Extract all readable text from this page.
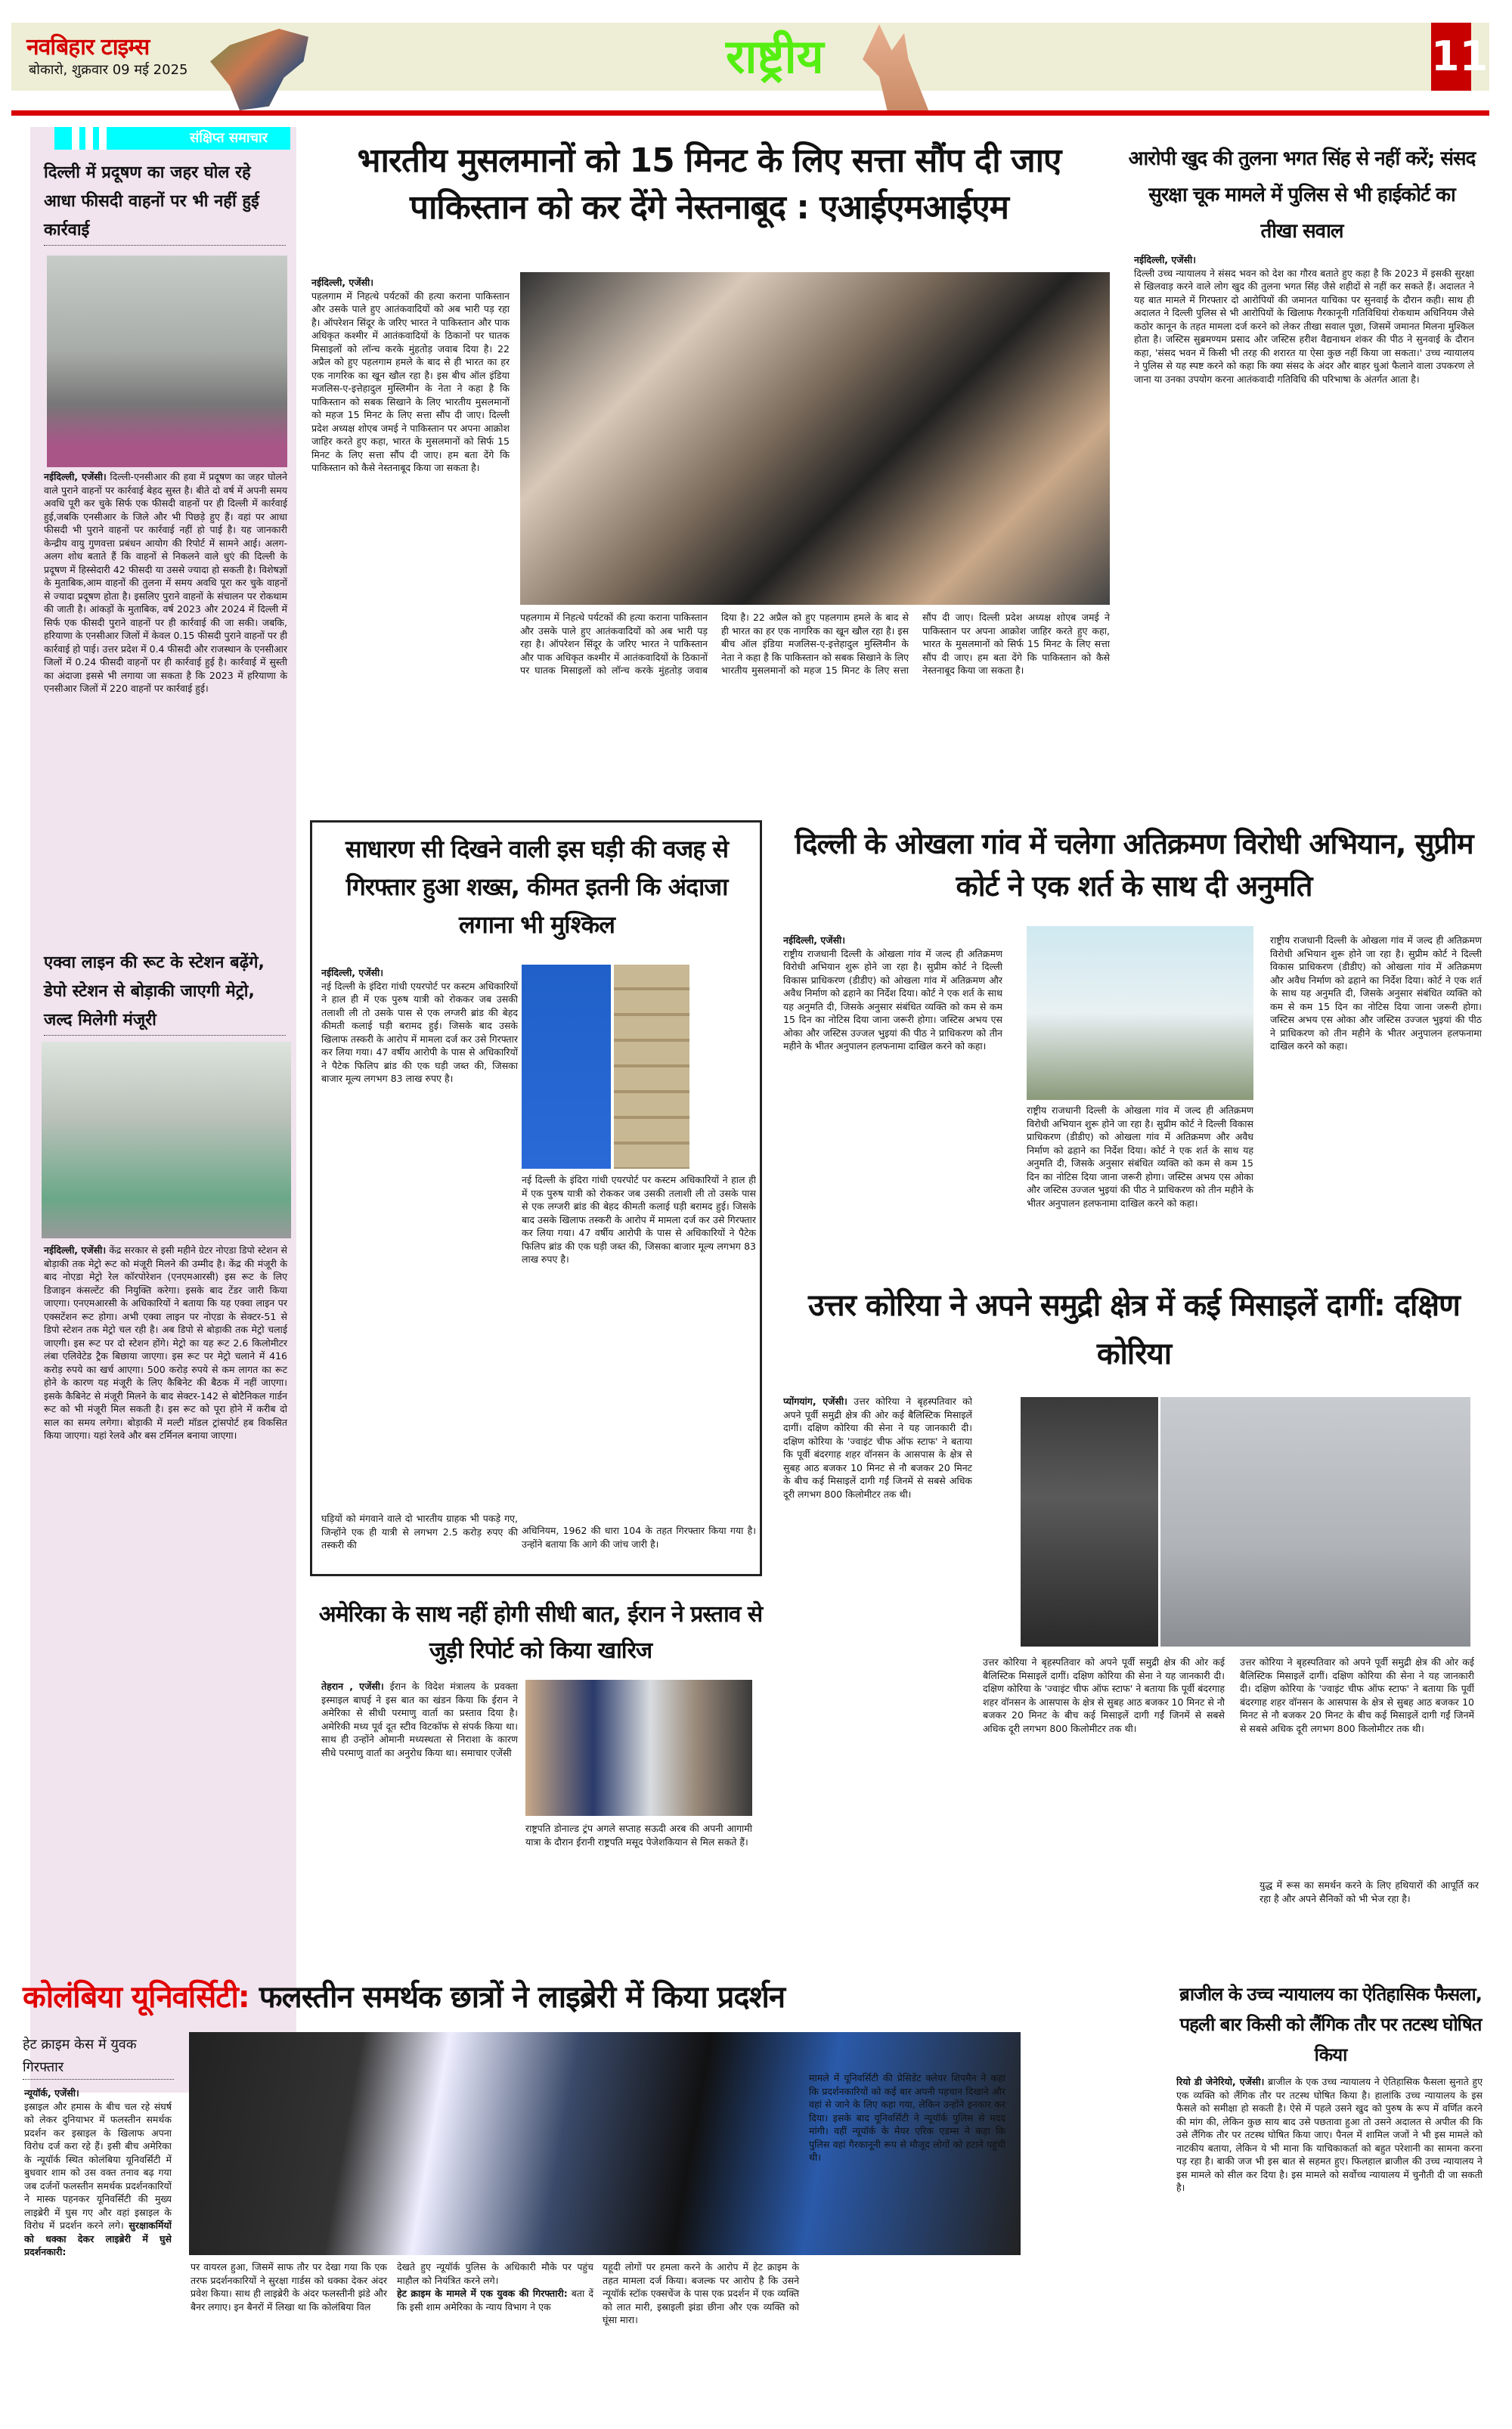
नवबिहार टाइम्स
बोकारो, शुक्रवार 09 मई 2025	राष्ट्रीय	11
संक्षिप्त समाचार
दिल्ली में प्रदूषण का जहर घोल रहे आधा फीसदी वाहनों पर भी नहीं हुई कार्रवाई
नईदिल्ली, एजेंसी। दिल्ली-एनसीआर की हवा में प्रदूषण का जहर घोलने वाले पुराने वाहनों पर कार्रवाई बेहद सुस्त है। बीते दो वर्ष में अपनी समय अवधि पूरी कर चुके सिर्फ एक फीसदी वाहनों पर ही दिल्ली में कार्रवाई हुई,जबकि एनसीआर के जिले और भी पिछड़े हुए हैं। वहां पर आधा फीसदी भी पुराने वाहनों पर कार्रवाई नहीं हो पाई है। यह जानकारी केन्द्रीय वायु गुणवत्ता प्रबंधन आयोग की रिपोर्ट में सामने आई। अलग-अलग शोध बताते हैं कि वाहनों से निकलने वाले धुएं की दिल्ली के प्रदूषण में हिस्सेदारी 42 फीसदी या उससे ज्यादा हो सकती है। विशेषज्ञों के मुताबिक,आम वाहनों की तुलना में समय अवधि पूरा कर चुके वाहनों से ज्यादा प्रदूषण होता है। इसलिए पुराने वाहनों के संचालन पर रोकथाम की जाती है। आंकड़ों के मुताबिक, वर्ष 2023 और 2024 में दिल्ली में सिर्फ एक फीसदी पुराने वाहनों पर ही कार्रवाई की जा सकी। जबकि, हरियाणा के एनसीआर जिलों में केवल 0.15 फीसदी पुराने वाहनों पर ही कार्रवाई हो पाई। उत्तर प्रदेश में 0.4 फीसदी और राजस्थान के एनसीआर जिलों में 0.24 फीसदी वाहनों पर ही कार्रवाई हुई है। कार्रवाई में सुस्ती का अंदाजा इससे भी लगाया जा सकता है कि 2023 में हरियाणा के एनसीआर जिलों में 220 वाहनों पर कार्रवाई हुई।
एक्वा लाइन की रूट के स्टेशन बढ़ेंगे, डेपो स्टेशन से बोड़ाकी जाएगी मेट्रो, जल्द मिलेगी मंजूरी
नईदिल्ली, एजेंसी। केंद्र सरकार से इसी महीने ग्रेटर नोएडा डिपो स्टेशन से बोड़ाकी तक मेट्रो रूट को मंजूरी मिलने की उम्मीद है। केंद्र की मंजूरी के बाद नोएडा मेट्रो रेल कॉरपोरेशन (एनएमआरसी) इस रूट के लिए डिजाइन कंसल्टेंट की नियुक्ति करेगा। इसके बाद टेंडर जारी किया जाएगा। एनएमआरसी के अधिकारियों ने बताया कि यह एक्वा लाइन पर एक्सटेंशन रूट होगा। अभी एक्वा लाइन पर नोएडा के सेक्टर-51 से डिपो स्टेशन तक मेट्रो चल रही है। अब डिपो से बोड़ाकी तक मेट्रो चलाई जाएगी। इस रूट पर दो स्टेशन होंगे। मेट्रो का यह रूट 2.6 किलोमीटर लंबा एलिवेटेड ट्रैक बिछाया जाएगा। इस रूट पर मेट्रो चलाने में 416 करोड़ रुपये का खर्च आएगा। 500 करोड़ रुपये से कम लागत का रूट होने के कारण यह मंजूरी के लिए कैबिनेट की बैठक में नहीं जाएगा। इसके कैबिनेट से मंजूरी मिलने के बाद सेक्टर-142 से बोटैनिकल गार्डन रूट को भी मंजूरी मिल सकती है। इस रूट को पूरा होने में करीब दो साल का समय लगेगा। बोड़ाकी में मल्टी मॉडल ट्रांसपोर्ट हब विकसित किया जाएगा। यहां रेलवे और बस टर्मिनल बनाया जाएगा।
भारतीय मुसलमानों को 15 मिनट के लिए सत्ता सौंप दी जाए पाकिस्तान को कर देंगे नेस्तनाबूद : एआईएमआईएम
नईदिल्ली, एजेंसी।
पहलगाम में निहत्थे पर्यटकों की हत्या कराना पाकिस्तान और उसके पाले हुए आतंकवादियों को अब भारी पड़ रहा है। ऑपरेशन सिंदूर के जरिए भारत ने पाकिस्तान और पाक अधिकृत कश्मीर में आतंकवादियों के ठिकानों पर घातक मिसाइलों को लॉन्च करके मुंहतोड़ जवाब दिया है। 22 अप्रैल को हुए पहलगाम हमले के बाद से ही भारत का हर एक नागरिक का खून खौल रहा है। इस बीच ऑल इंडिया मजलिस-ए-इत्तेहादुल मुस्लिमीन के नेता ने कहा है कि पाकिस्तान को सबक सिखाने के लिए भारतीय मुसलमानों को महज 15 मिनट के लिए सत्ता सौंप दी जाए। दिल्ली प्रदेश अध्यक्ष शोएब जमई ने पाकिस्तान पर अपना आक्रोश जाहिर करते हुए कहा, भारत के मुसलमानों को सिर्फ 15 मिनट के लिए सत्ता सौंप दी जाए। हम बता देंगे कि पाकिस्तान को कैसे नेस्तनाबूद किया जा सकता है।
पहलगाम में निहत्थे पर्यटकों की हत्या कराना पाकिस्तान और उसके पाले हुए आतंकवादियों को अब भारी पड़ रहा है। ऑपरेशन सिंदूर के जरिए भारत ने पाकिस्तान और पाक अधिकृत कश्मीर में आतंकवादियों के ठिकानों पर घातक मिसाइलों को लॉन्च करके मुंहतोड़ जवाब दिया है। 22 अप्रैल को हुए पहलगाम हमले के बाद से ही भारत का हर एक नागरिक का खून खौल रहा है। इस बीच ऑल इंडिया मजलिस-ए-इत्तेहादुल मुस्लिमीन के नेता ने कहा है कि पाकिस्तान को सबक सिखाने के लिए भारतीय मुसलमानों को महज 15 मिनट के लिए सत्ता सौंप दी जाए। दिल्ली प्रदेश अध्यक्ष शोएब जमई ने पाकिस्तान पर अपना आक्रोश जाहिर करते हुए कहा, भारत के मुसलमानों को सिर्फ 15 मिनट के लिए सत्ता सौंप दी जाए। हम बता देंगे कि पाकिस्तान को कैसे नेस्तनाबूद किया जा सकता है।
आरोपी खुद की तुलना भगत सिंह से नहीं करें; संसद सुरक्षा चूक मामले में पुलिस से भी हाईकोर्ट का तीखा सवाल
नईदिल्ली, एजेंसी।
दिल्ली उच्च न्यायालय ने संसद भवन को देश का गौरव बताते हुए कहा है कि 2023 में इसकी सुरक्षा से खिलवाड़ करने वाले लोग खुद की तुलना भगत सिंह जैसे शहीदों से नहीं कर सकते हैं। अदालत ने यह बात मामले में गिरफ्तार दो आरोपियों की जमानत याचिका पर सुनवाई के दौरान कही। साथ ही अदालत ने दिल्ली पुलिस से भी आरोपियों के खिलाफ गैरकानूनी गतिविधियां रोकथाम अधिनियम जैसे कठोर कानून के तहत मामला दर्ज करने को लेकर तीखा सवाल पूछा, जिसमें जमानत मिलना मुश्किल होता है। जस्टिस सुब्रमण्यम प्रसाद और जस्टिस हरीश वैद्यनाथन शंकर की पीठ ने सुनवाई के दौरान कहा, 'संसद भवन में किसी भी तरह की शरारत या ऐसा कुछ नहीं किया जा सकता।' उच्च न्यायालय ने पुलिस से यह स्पष्ट करने को कहा कि क्या संसद के अंदर और बाहर धुआं फैलाने वाला उपकरण ले जाना या उनका उपयोग करना आतंकवादी गतिविधि की परिभाषा के अंतर्गत आता है।
साधारण सी दिखने वाली इस घड़ी की वजह से गिरफ्तार हुआ शख्स, कीमत इतनी कि अंदाजा लगाना भी मुश्किल
नईदिल्ली, एजेंसी।
नई दिल्ली के इंदिरा गांधी एयरपोर्ट पर कस्टम अधिकारियों ने हाल ही में एक पुरुष यात्री को रोककर जब उसकी तलाशी ली तो उसके पास से एक लग्जरी ब्रांड की बेहद कीमती कलाई घड़ी बरामद हुई। जिसके बाद उसके खिलाफ तस्करी के आरोप में मामला दर्ज कर उसे गिरफ्तार कर लिया गया। 47 वर्षीय आरोपी के पास से अधिकारियों ने पैटेक फिलिप ब्रांड की एक घड़ी जब्त की, जिसका बाजार मूल्य लगभग 83 लाख रुपए है।
नई दिल्ली के इंदिरा गांधी एयरपोर्ट पर कस्टम अधिकारियों ने हाल ही में एक पुरुष यात्री को रोककर जब उसकी तलाशी ली तो उसके पास से एक लग्जरी ब्रांड की बेहद कीमती कलाई घड़ी बरामद हुई। जिसके बाद उसके खिलाफ तस्करी के आरोप में मामला दर्ज कर उसे गिरफ्तार कर लिया गया। 47 वर्षीय आरोपी के पास से अधिकारियों ने पैटेक फिलिप ब्रांड की एक घड़ी जब्त की, जिसका बाजार मूल्य लगभग 83 लाख रुपए है।
घड़ियों को मंगवाने वाले दो भारतीय ग्राहक भी पकड़े गए, जिन्होंने एक ही यात्री से लगभग 2.5 करोड़ रुपए की तस्करी की
अधिनियम, 1962 की धारा 104 के तहत गिरफ्तार किया गया है। उन्होंने बताया कि आगे की जांच जारी है।
दिल्ली के ओखला गांव में चलेगा अतिक्रमण विरोधी अभियान, सुप्रीम कोर्ट ने एक शर्त के साथ दी अनुमति
नईदिल्ली, एजेंसी।
राष्ट्रीय राजधानी दिल्ली के ओखला गांव में जल्द ही अतिक्रमण विरोधी अभियान शुरू होने जा रहा है। सुप्रीम कोर्ट ने दिल्ली विकास प्राधिकरण (डीडीए) को ओखला गांव में अतिक्रमण और अवैध निर्माण को ढहाने का निर्देश दिया। कोर्ट ने एक शर्त के साथ यह अनुमति दी, जिसके अनुसार संबंधित व्यक्ति को कम से कम 15 दिन का नोटिस दिया जाना जरूरी होगा। जस्टिस अभय एस ओका और जस्टिस उज्जल भुइयां की पीठ ने प्राधिकरण को तीन महीने के भीतर अनुपालन हलफनामा दाखिल करने को कहा।
राष्ट्रीय राजधानी दिल्ली के ओखला गांव में जल्द ही अतिक्रमण विरोधी अभियान शुरू होने जा रहा है। सुप्रीम कोर्ट ने दिल्ली विकास प्राधिकरण (डीडीए) को ओखला गांव में अतिक्रमण और अवैध निर्माण को ढहाने का निर्देश दिया। कोर्ट ने एक शर्त के साथ यह अनुमति दी, जिसके अनुसार संबंधित व्यक्ति को कम से कम 15 दिन का नोटिस दिया जाना जरूरी होगा। जस्टिस अभय एस ओका और जस्टिस उज्जल भुइयां की पीठ ने प्राधिकरण को तीन महीने के भीतर अनुपालन हलफनामा दाखिल करने को कहा।
राष्ट्रीय राजधानी दिल्ली के ओखला गांव में जल्द ही अतिक्रमण विरोधी अभियान शुरू होने जा रहा है। सुप्रीम कोर्ट ने दिल्ली विकास प्राधिकरण (डीडीए) को ओखला गांव में अतिक्रमण और अवैध निर्माण को ढहाने का निर्देश दिया। कोर्ट ने एक शर्त के साथ यह अनुमति दी, जिसके अनुसार संबंधित व्यक्ति को कम से कम 15 दिन का नोटिस दिया जाना जरूरी होगा। जस्टिस अभय एस ओका और जस्टिस उज्जल भुइयां की पीठ ने प्राधिकरण को तीन महीने के भीतर अनुपालन हलफनामा दाखिल करने को कहा।
उत्तर कोरिया ने अपने समुद्री क्षेत्र में कई मिसाइलें दागीं: दक्षिण कोरिया
प्योंगयांग, एजेंसी। उत्तर कोरिया ने बृहस्पतिवार को अपने पूर्वी समुद्री क्षेत्र की ओर कई बैलिस्टिक मिसाइलें दागीं। दक्षिण कोरिया की सेना ने यह जानकारी दी। दक्षिण कोरिया के 'ज्वाइंट चीफ ऑफ स्टाफ' ने बताया कि पूर्वी बंदरगाह शहर वॉनसन के आसपास के क्षेत्र से सुबह आठ बजकर 10 मिनट से नौ बजकर 20 मिनट के बीच कई मिसाइलें दागी गईं जिनमें से सबसे अधिक दूरी लगभग 800 किलोमीटर तक थी।
उत्तर कोरिया ने बृहस्पतिवार को अपने पूर्वी समुद्री क्षेत्र की ओर कई बैलिस्टिक मिसाइलें दागीं। दक्षिण कोरिया की सेना ने यह जानकारी दी। दक्षिण कोरिया के 'ज्वाइंट चीफ ऑफ स्टाफ' ने बताया कि पूर्वी बंदरगाह शहर वॉनसन के आसपास के क्षेत्र से सुबह आठ बजकर 10 मिनट से नौ बजकर 20 मिनट के बीच कई मिसाइलें दागी गईं जिनमें से सबसे अधिक दूरी लगभग 800 किलोमीटर तक थी।
उत्तर कोरिया ने बृहस्पतिवार को अपने पूर्वी समुद्री क्षेत्र की ओर कई बैलिस्टिक मिसाइलें दागीं। दक्षिण कोरिया की सेना ने यह जानकारी दी। दक्षिण कोरिया के 'ज्वाइंट चीफ ऑफ स्टाफ' ने बताया कि पूर्वी बंदरगाह शहर वॉनसन के आसपास के क्षेत्र से सुबह आठ बजकर 10 मिनट से नौ बजकर 20 मिनट के बीच कई मिसाइलें दागी गईं जिनमें से सबसे अधिक दूरी लगभग 800 किलोमीटर तक थी।
युद्ध में रूस का समर्थन करने के लिए हथियारों की आपूर्ति कर रहा है और अपने सैनिकों को भी भेज रहा है।
अमेरिका के साथ नहीं होगी सीधी बात, ईरान ने प्रस्ताव से जुड़ी रिपोर्ट को किया खारिज
तेहरान , एजेंसी। ईरान के विदेश मंत्रालय के प्रवक्ता इस्माइल बाघई ने इस बात का खंडन किया कि ईरान ने अमेरिका से सीधी परमाणु वार्ता का प्रस्ताव दिया है। अमेरिकी मध्य पूर्व दूत स्टीव विटकॉफ से संपर्क किया था। साथ ही उन्होंने ओमानी मध्यस्थता से निराशा के कारण सीधे परमाणु वार्ता का अनुरोध किया था। समाचार एजेंसी
राष्ट्रपति डोनाल्ड ट्रंप अगले सप्ताह सऊदी अरब की अपनी आगामी यात्रा के दौरान ईरानी राष्ट्रपति मसूद पेजेशकियान से मिल सकते हैं।
कोलंबिया यूनिवर्सिटी: फलस्तीन समर्थक छात्रों ने लाइब्रेरी में किया प्रदर्शन
हेट क्राइम केस में युवक गिरफ्तार
न्यूयॉर्क, एजेंसी।
इस्राइल और हमास के बीच चल रहे संघर्ष को लेकर दुनियाभर में फलस्तीन समर्थक प्रदर्शन कर इस्राइल के खिलाफ अपना विरोध दर्ज करा रहे हैं। इसी बीच अमेरिका के न्यूयॉर्क स्थित कोलंबिया यूनिवर्सिटी में बुधवार शाम को उस वक्त तनाव बढ़ गया जब दर्जनों फलस्तीन समर्थक प्रदर्शनकारियों ने मास्क पहनकर यूनिवर्सिटी की मुख्य लाइब्रेरी में घुस गए और वहां इस्राइल के विरोध में प्रदर्शन करने लगे। सुरक्षाकर्मियों को धक्का देकर लाइब्रेरी में घुसे प्रदर्शनकारी:
पर वायरल हुआ, जिसमें साफ तौर पर देखा गया कि एक तरफ प्रदर्शनकारियों ने सुरक्षा गार्डस को धक्का देकर अंदर प्रवेश किया। साथ ही लाइब्रेरी के अंदर फलस्तीनी झंडे और बैनर लगाए। इन बैनरों में लिखा था कि कोलंबिया विल
देखते हुए न्यूयॉर्क पुलिस के अधिकारी मौके पर पहुंच माहौल को नियंत्रित करने लगे।
हेट क्राइम के मामले में एक युवक की गिरफ्तारी: बता दें कि इसी शाम अमेरिका के न्याय विभाग ने एक
यहूदी लोगों पर हमला करने के आरोप में हेट क्राइम के तहत मामला दर्ज किया। बजल्क पर आरोप है कि उसने न्यूयॉर्क स्टॉक एक्सचेंज के पास एक प्रदर्शन में एक व्यक्ति को लात मारी, इस्राइली झंडा छीना और एक व्यक्ति को घूंसा मारा।
मामले में यूनिवर्सिटी की प्रेसिडेंट क्लेयर शिपमैन ने कहा कि प्रदर्शनकारियों को कई बार अपनी पहचान दिखाने और वहां से जाने के लिए कहा गया, लेकिन उन्होंने इनकार कर दिया। इसके बाद यूनिवर्सिटी ने न्यूयॉर्क पुलिस से मदद मांगी। वहीं न्यूयॉर्क के मेयर एरिक एडम्स ने कहा कि पुलिस वहां गैरकानूनी रूप से मौजूद लोगों को हटाने पहुंची थी।
ब्राजील के उच्च न्यायालय का ऐतिहासिक फैसला, पहली बार किसी को लैंगिक तौर पर तटस्थ घोषित किया
रियो डी जेनेरियो, एजेंसी। ब्राजील के एक उच्च न्यायालय ने ऐतिहासिक फैसला सुनाते हुए एक व्यक्ति को लैंगिक तौर पर तटस्थ घोषित किया है। हालांकि उच्च न्यायालय के इस फैसले को समीक्षा हो सकती है। ऐसे में पहले उसने खुद को पुरुष के रूप में वर्णित करने की मांग की, लेकिन कुछ साय बाद उसे पछतावा हुआ तो उसने अदालत से अपील की कि उसे लैंगिक तौर पर तटस्थ घोषित किया जाए। पैनल में शामिल जजों ने भी इस मामले को नाटकीय बताया, लेकिन ये भी माना कि याचिकाकर्ता को बहुत परेशानी का सामना करना पड़ रहा है। बाकी जज भी इस बात से सहमत हुए। फिलहाल ब्राजील की उच्च न्यायालय ने इस मामले को सील कर दिया है। इस मामले को सर्वोच्च न्यायालय में चुनौती दी जा सकती है।
